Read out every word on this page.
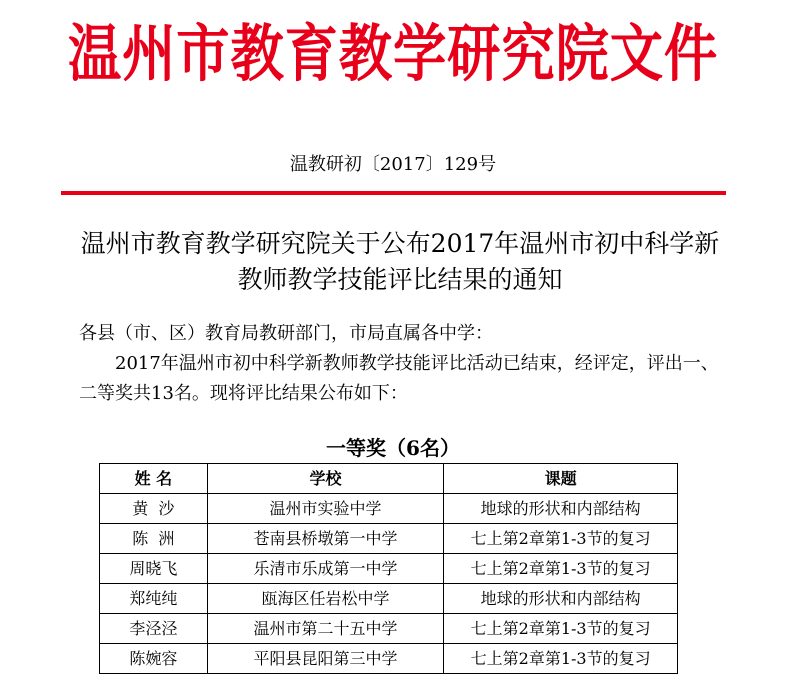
温州市教育教学研究院文件
温教研初〔2017〕129号
温州市教育教学研究院关于公布2017年温州市初中科学新教师教学技能评比结果的通知
各县（市、区）教育局教研部门，市局直属各中学：
2017年温州市初中科学新教师教学技能评比活动已结束，经评定，评出一、二等奖共13名。现将评比结果公布如下：
一等奖（6名）
姓 名	学校	课题
黄  沙	温州市实验中学	地球的形状和内部结构
陈  洲	苍南县桥墩第一中学	七上第2章第1-3节的复习
周晓飞	乐清市乐成第一中学	七上第2章第1-3节的复习
郑纯纯	瓯海区任岩松中学	地球的形状和内部结构
李泾泾	温州市第二十五中学	七上第2章第1-3节的复习
陈婉容	平阳县昆阳第三中学	七上第2章第1-3节的复习
